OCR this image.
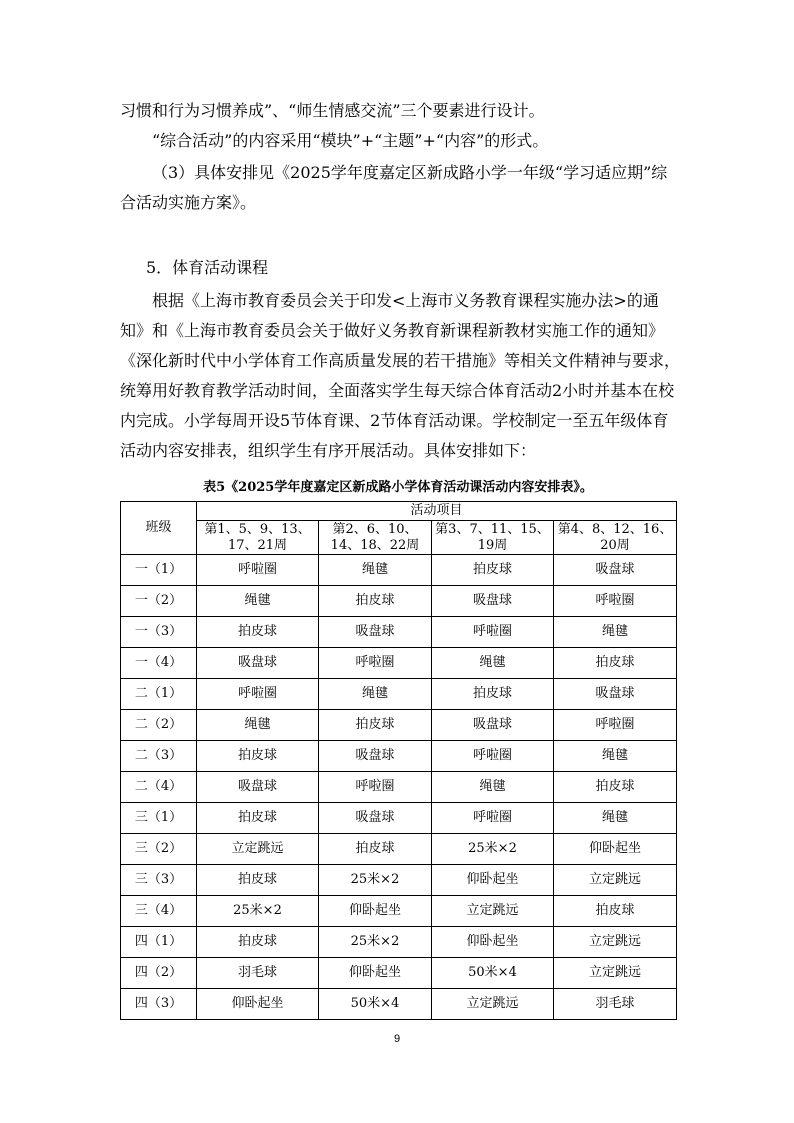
习惯和行为习惯养成”、“师生情感交流”三个要素进行设计。

“综合活动”的内容采用“模块”+“主题”+“内容”的形式。

（3）具体安排见《2025学年度嘉定区新成路小学一年级“学习适应期”综合活动实施方案》。

5．体育活动课程

根据《上海市教育委员会关于印发<上海市义务教育课程实施办法>的通知》和《上海市教育委员会关于做好义务教育新课程新教材实施工作的通知》《深化新时代中小学体育工作高质量发展的若干措施》等相关文件精神与要求，统筹用好教育教学活动时间，全面落实学生每天综合体育活动2小时并基本在校内完成。小学每周开设5节体育课、2节体育活动课。学校制定一至五年级体育活动内容安排表，组织学生有序开展活动。具体安排如下：

表5《2025学年度嘉定区新成路小学体育活动课活动内容安排表》。

班级	活动项目			
	第1、5、9、13、17、21周	第2、6、10、14、18、22周	第3、7、11、15、19周	第4、8、12、16、20周
一（1）	呼啦圈	绳毽	拍皮球	吸盘球
一（2）	绳毽	拍皮球	吸盘球	呼啦圈
一（3）	拍皮球	吸盘球	呼啦圈	绳毽
一（4）	吸盘球	呼啦圈	绳毽	拍皮球
二（1）	呼啦圈	绳毽	拍皮球	吸盘球
二（2）	绳毽	拍皮球	吸盘球	呼啦圈
二（3）	拍皮球	吸盘球	呼啦圈	绳毽
二（4）	吸盘球	呼啦圈	绳毽	拍皮球
三（1）	拍皮球	吸盘球	呼啦圈	绳毽
三（2）	立定跳远	拍皮球	25米×2	仰卧起坐
三（3）	拍皮球	25米×2	仰卧起坐	立定跳远
三（4）	25米×2	仰卧起坐	立定跳远	拍皮球
四（1）	拍皮球	25米×2	仰卧起坐	立定跳远
四（2）	羽毛球	仰卧起坐	50米×4	立定跳远
四（3）	仰卧起坐	50米×4	立定跳远	羽毛球
9
